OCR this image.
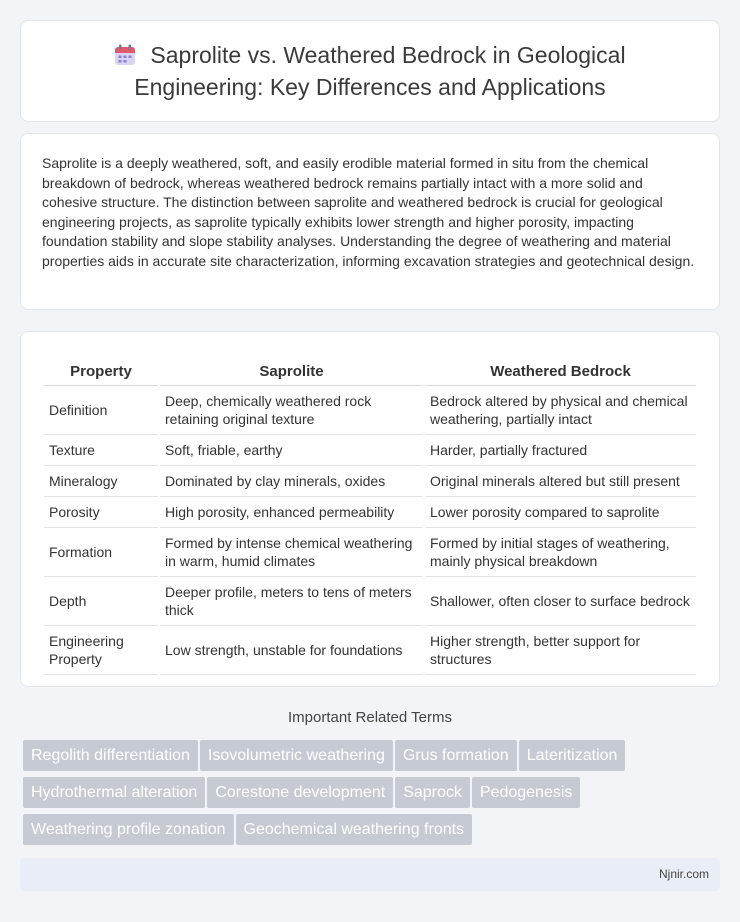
Saprolite vs. Weathered Bedrock in Geological Engineering: Key Differences and Applications

Saprolite is a deeply weathered, soft, and easily erodible material formed in situ from the chemical breakdown of bedrock, whereas weathered bedrock remains partially intact with a more solid and cohesive structure. The distinction between saprolite and weathered bedrock is crucial for geological engineering projects, as saprolite typically exhibits lower strength and higher porosity, impacting foundation stability and slope stability analyses. Understanding the degree of weathering and material properties aids in accurate site characterization, informing excavation strategies and geotechnical design.

Property	Saprolite	Weathered Bedrock
Definition	Deep, chemically weathered rock retaining original texture	Bedrock altered by physical and chemical weathering, partially intact
Texture	Soft, friable, earthy	Harder, partially fractured
Mineralogy	Dominated by clay minerals, oxides	Original minerals altered but still present
Porosity	High porosity, enhanced permeability	Lower porosity compared to saprolite
Formation	Formed by intense chemical weathering in warm, humid climates	Formed by initial stages of weathering, mainly physical breakdown
Depth	Deeper profile, meters to tens of meters thick	Shallower, often closer to surface bedrock
Engineering Property	Low strength, unstable for foundations	Higher strength, better support for structures
Important Related Terms
Regolith differentiation Isovolumetric weathering Grus formation Lateritization
Hydrothermal alteration Corestone development Saprock Pedogenesis
Weathering profile zonation Geochemical weathering fronts
Njnir.com
